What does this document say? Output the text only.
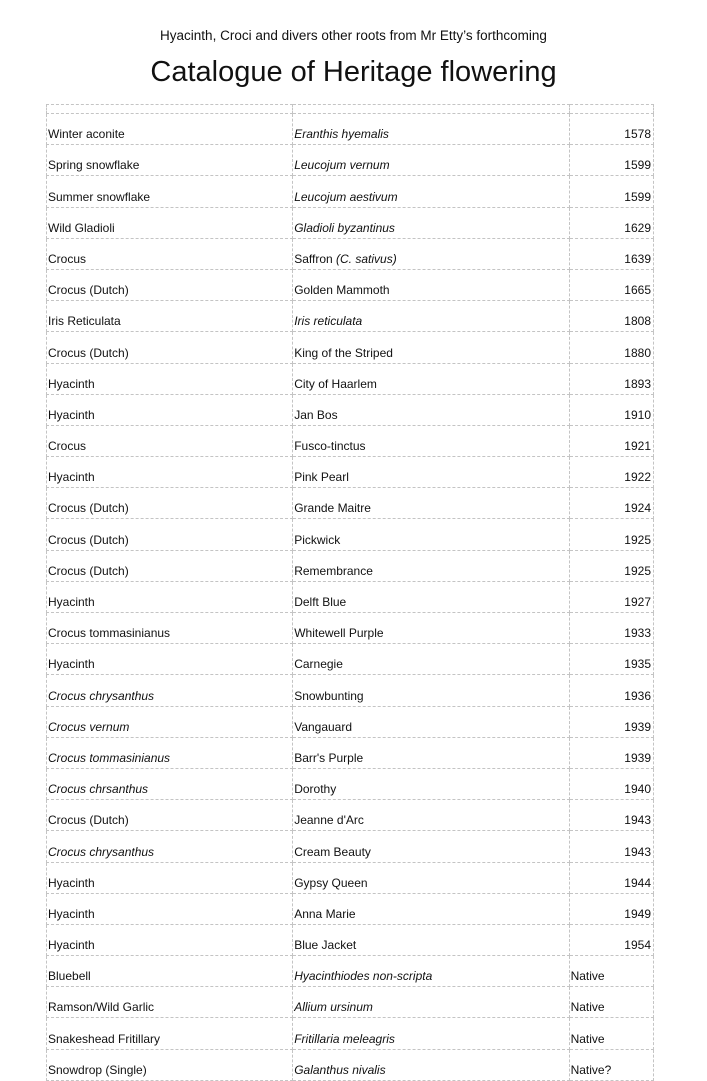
Hyacinth, Croci and divers other roots from Mr Etty’s forthcoming
Catalogue of Heritage flowering

Winter aconite	Eranthis hyemalis	1578
Spring snowflake	Leucojum vernum	1599
Summer snowflake	Leucojum aestivum	1599
Wild Gladioli	Gladioli byzantinus	1629
Crocus	Saffron (C. sativus)	1639
Crocus (Dutch)	Golden Mammoth	1665
Iris Reticulata	Iris reticulata	1808
Crocus (Dutch)	King of the Striped	1880
Hyacinth	City of Haarlem	1893
Hyacinth	Jan Bos	1910
Crocus	Fusco-tinctus	1921
Hyacinth	Pink Pearl	1922
Crocus (Dutch)	Grande Maitre	1924
Crocus (Dutch)	Pickwick	1925
Crocus (Dutch)	Remembrance	1925
Hyacinth	Delft Blue	1927
Crocus tommasinianus	Whitewell Purple	1933
Hyacinth	Carnegie	1935
Crocus chrysanthus	Snowbunting	1936
Crocus vernum	Vangauard	1939
Crocus tommasinianus	Barr's Purple	1939
Crocus chrsanthus	Dorothy	1940
Crocus (Dutch)	Jeanne d'Arc	1943
Crocus chrysanthus	Cream Beauty	1943
Hyacinth	Gypsy Queen	1944
Hyacinth	Anna Marie	1949
Hyacinth	Blue Jacket	1954
Bluebell	Hyacinthiodes non-scripta	Native
Ramson/Wild Garlic	Allium ursinum	Native
Snakeshead Fritillary	Fritillaria meleagris	Native
Snowdrop (Single)	Galanthus nivalis	Native?
